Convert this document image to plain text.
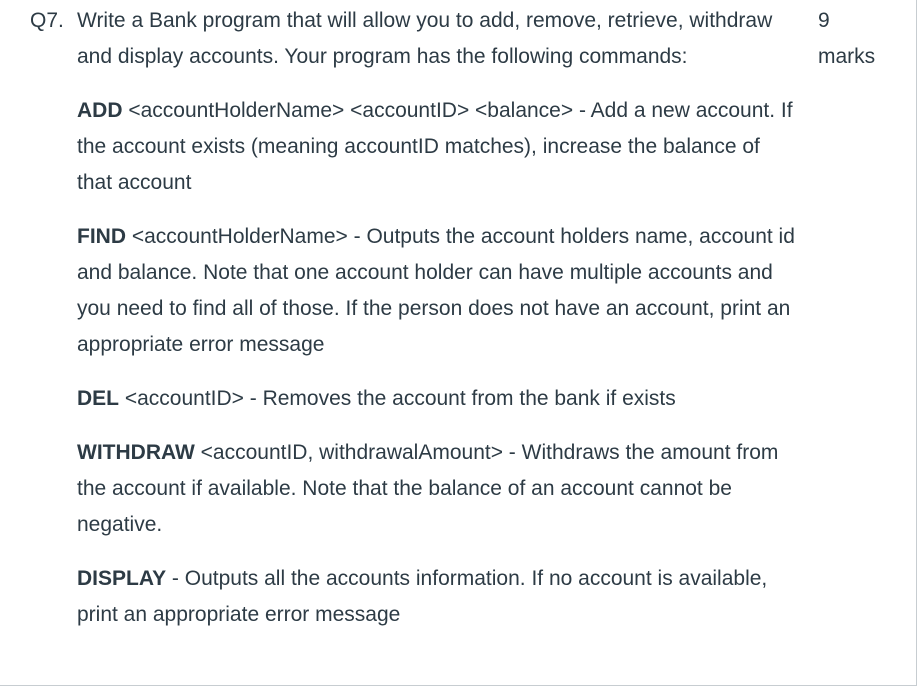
Q7. Write a Bank program that will allow you to add, remove, retrieve, withdraw and display accounts. Your program has the following commands:
ADD <accountHolderName> <accountID> <balance> - Add a new account. If the account exists (meaning accountID matches), increase the balance of that account
FIND <accountHolderName> - Outputs the account holders name, account id and balance. Note that one account holder can have multiple accounts and you need to find all of those. If the person does not have an account, print an appropriate error message
DEL <accountID> - Removes the account from the bank if exists
WITHDRAW <accountID, withdrawalAmount> - Withdraws the amount from the account if available. Note that the balance of an account cannot be negative.
DISPLAY - Outputs all the accounts information. If no account is available, print an appropriate error message
9
marks
